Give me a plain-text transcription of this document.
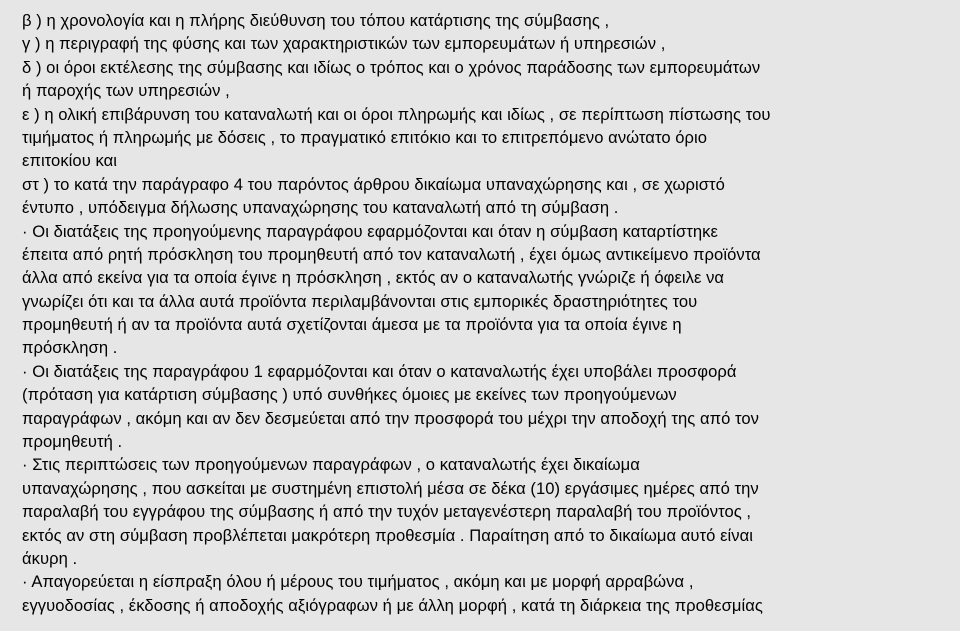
β ) η χρονολογία και η πλήρης διεύθυνση του τόπου κατάρτισης της σύμβασης ,
γ ) η περιγραφή της φύσης και των χαρακτηριστικών των εμπορευμάτων ή υπηρεσιών ,
δ ) οι όροι εκτέλεσης της σύμβασης και ιδίως ο τρόπος και ο χρόνος παράδοσης των εμπορευμάτων
ή παροχής των υπηρεσιών ,
ε ) η ολική επιβάρυνση του καταναλωτή και οι όροι πληρωμής και ιδίως , σε περίπτωση πίστωσης του
τιμήματος ή πληρωμής με δόσεις , το πραγματικό επιτόκιο και το επιτρεπόμενο ανώτατο όριο
επιτοκίου και
στ ) το κατά την παράγραφο 4 του παρόντος άρθρου δικαίωμα υπαναχώρησης και , σε χωριστό
έντυπο , υπόδειγμα δήλωσης υπαναχώρησης του καταναλωτή από τη σύμβαση .
· Οι διατάξεις της προηγούμενης παραγράφου εφαρμόζονται και όταν η σύμβαση καταρτίστηκε
έπειτα από ρητή πρόσκληση του προμηθευτή από τον καταναλωτή , έχει όμως αντικείμενο προϊόντα
άλλα από εκείνα για τα οποία έγινε η πρόσκληση , εκτός αν ο καταναλωτής γνώριζε ή όφειλε να
γνωρίζει ότι και τα άλλα αυτά προϊόντα περιλαμβάνονται στις εμπορικές δραστηριότητες του
προμηθευτή ή αν τα προϊόντα αυτά σχετίζονται άμεσα με τα προϊόντα για τα οποία έγινε η
πρόσκληση .
· Οι διατάξεις της παραγράφου 1 εφαρμόζονται και όταν ο καταναλωτής έχει υποβάλει προσφορά
(πρόταση για κατάρτιση σύμβασης ) υπό συνθήκες όμοιες με εκείνες των προηγούμενων
παραγράφων , ακόμη και αν δεν δεσμεύεται από την προσφορά του μέχρι την αποδοχή της από τον
προμηθευτή .
· Στις περιπτώσεις των προηγούμενων παραγράφων , ο καταναλωτής έχει δικαίωμα
υπαναχώρησης , που ασκείται με συστημένη επιστολή μέσα σε δέκα (10) εργάσιμες ημέρες από την
παραλαβή του εγγράφου της σύμβασης ή από την τυχόν μεταγενέστερη παραλαβή του προϊόντος ,
εκτός αν στη σύμβαση προβλέπεται μακρότερη προθεσμία . Παραίτηση από το δικαίωμα αυτό είναι
άκυρη .
· Απαγορεύεται η είσπραξη όλου ή μέρους του τιμήματος , ακόμη και με μορφή αρραβώνα ,
εγγυοδοσίας , έκδοσης ή αποδοχής αξιόγραφων ή με άλλη μορφή , κατά τη διάρκεια της προθεσμίας
